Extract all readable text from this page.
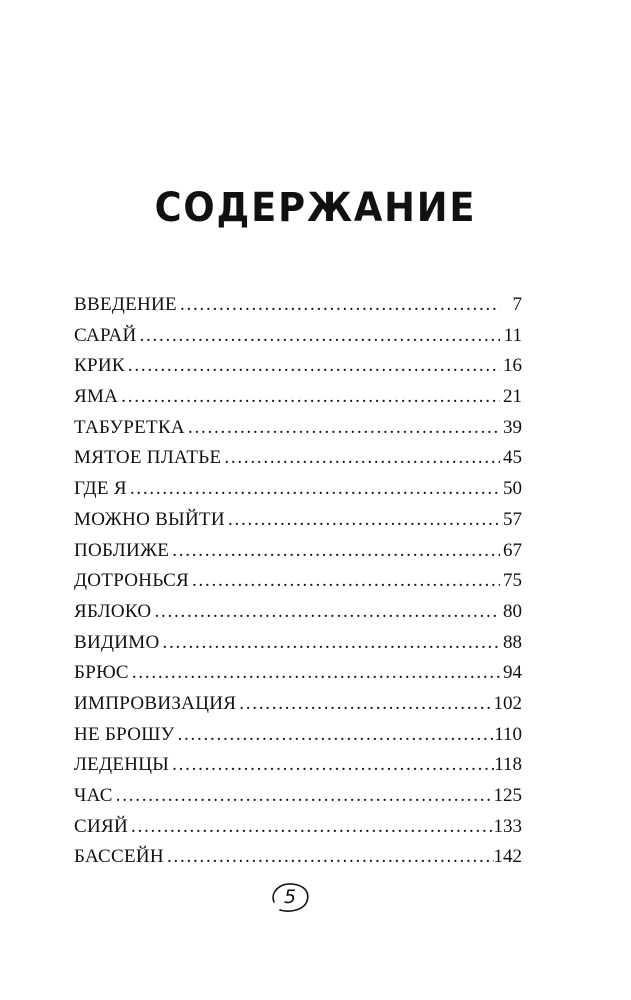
СОДЕРЖАНИЕ
ВВЕДЕНИЕ . . .	7
САРАЙ . . .	11
КРИК . . .	16
ЯМА . . .	21
ТАБУРЕТКА . . .	39
МЯТОЕ ПЛАТЬЕ . . .	45
ГДЕ Я . . .	50
МОЖНО ВЫЙТИ . . .	57
ПОБЛИЖЕ . . .	67
ДОТРОНЬСЯ . . .	75
ЯБЛОКО . . .	80
ВИДИМО . . .	88
БРЮС . . .	94
ИМПРОВИЗАЦИЯ . . .	102
НЕ БРОШУ . . .	110
ЛЕДЕНЦЫ . . .	118
ЧАС . . .	125
СИЯЙ . . .	133
БАССЕЙН . . .	142
5
